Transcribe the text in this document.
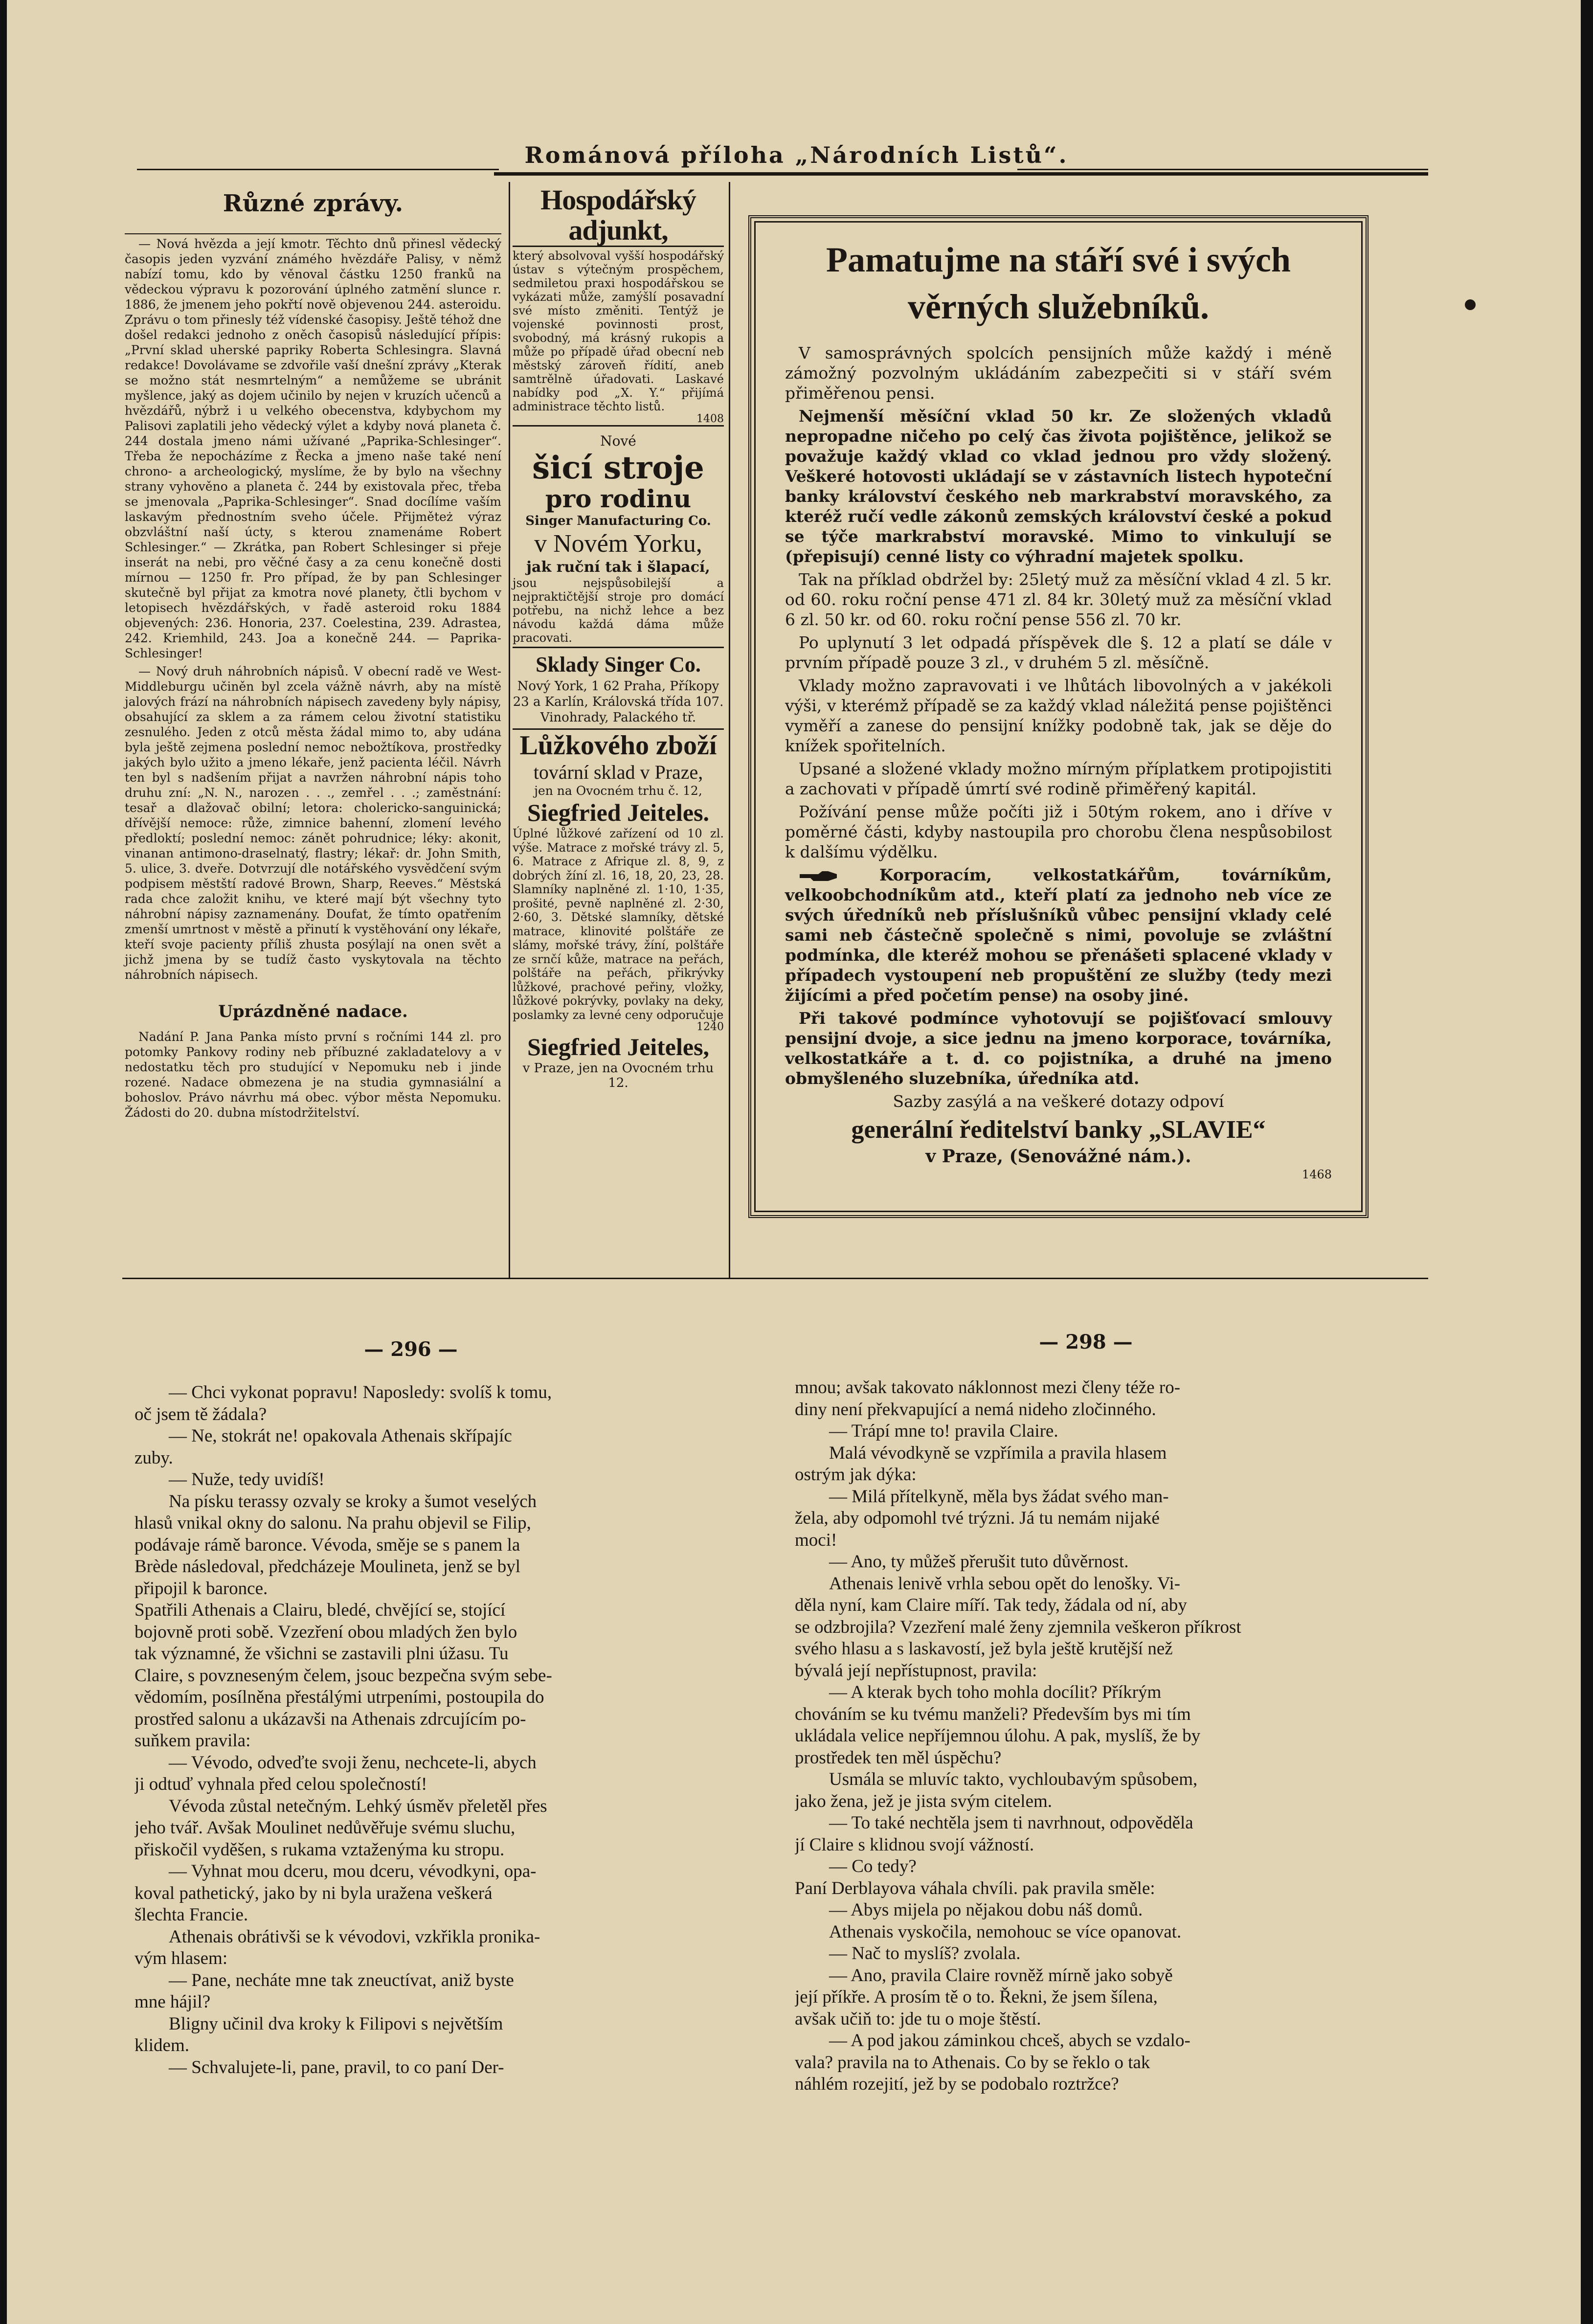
Románová příloha „Národních Listů“.
Různé zprávy.

— Nová hvězda a její kmotr. Těchto dnů přinesl vědecký časopis jeden vyzvání známého hvězdáře Palisy, v němž nabízí tomu, kdo by věnoval částku 1250 franků na vědeckou výpravu k pozorování úplného zatmění slunce r. 1886, že jmenem jeho pokřtí nově objevenou 244. asteroidu. Zprávu o tom přinesly též vídenské časopisy. Ještě téhož dne došel redakci jednoho z oněch časopisů následující přípis: „První sklad uherské papriky Roberta Schlesingra. Slavná redakce! Dovolávame se zdvořile vaší dnešní zprávy „Kterak se možno stát nesmrtelným“ a nemůžeme se ubránit myšlence, jaký as dojem učinilo by nejen v kruzích učenců a hvězdářů, nýbrž i u velkého obecenstva, kdybychom my Palisovi zaplatili jeho vědecký výlet a kdyby nová planeta č. 244 dostala jmeno námi užívané „Paprika-Schlesinger“. Třeba že nepocházíme z Řecka a jmeno naše také není chrono- a archeologický, myslíme, že by bylo na všechny strany vyhověno a planeta č. 244 by existovala přec, třeba se jmenovala „Paprika-Schlesinger“. Snad docílíme vaším laskavým přednostním sveho účele. Přijměteż výraz obzvláštní naší úcty, s kterou znamenáme Robert Schlesinger.“ — Zkrátka, pan Robert Schlesinger si přeje inserát na nebi, pro věčné časy a za cenu konečně dosti mírnou — 1250 fr. Pro případ, že by pan Schlesinger skutečně byl přijat za kmotra nové planety, čtli bychom v letopisech hvězdářských, v řadě asteroid roku 1884 objevených: 236. Honoria, 237. Coelestina, 239. Adrastea, 242. Kriemhild, 243. Joa a konečně 244. — Paprika-Schlesinger!

— Nový druh náhrobních nápisů. V obecní radě ve West-Middleburgu učiněn byl zcela vážně návrh, aby na místě jalových frází na náhrobních nápisech zavedeny byly nápisy, obsahující za sklem a za rámem celou životní statistiku zesnulého. Jeden z otců města žádal mimo to, aby udána byla ještě zejmena poslední nemoc nebožtíkova, prostředky jakých bylo užito a jmeno lékaře, jenž pacienta léčil. Návrh ten byl s nadšením přijat a navržen náhrobní nápis toho druhu zní: „N. N., narozen . . ., zemřel . . .; zaměstnání: tesař a dlažovač obilní; letora: cholericko-sanguinická; dřívější nemoce: růže, zimnice bahenní, zlomení levého předloktí; poslední nemoc: zánět pohrudnice; léky: akonit, vinanan antimono-draselnatý, flastry; lékař: dr. John Smith, 5. ulice, 3. dveře. Dotvrzují dle notářského vysvědčení svým podpisem městští radové Brown, Sharp, Reeves.“ Městská rada chce založit knihu, ve které mají být všechny tyto náhrobní nápisy zaznamenány. Doufat, že tímto opatřením zmenší umrtnost v městě a přinutí k vystěhování ony lékaře, kteří svoje pacienty příliš zhusta posýlají na onen svět a jichž jmena by se tudíž často vyskytovala na těchto náhrobních nápisech.

Uprázdněné nadace.

Nadání P. Jana Panka místo první s ročními 144 zl. pro potomky Pankovy rodiny neb příbuzné zakladatelovy a v nedostatku těch pro studující v Nepomuku neb i jinde rozené. Nadace obmezena je na studia gymnasiální a bohoslov. Právo návrhu má obec. výbor města Nepomuku. Žádosti do 20. dubna místodržitelství.

Hospodářský adjunkt,
který absolvoval vyšší hospodářský ústav s výtečným prospěchem, sedmiletou praxi hospodářskou se vykázati může, zamýšlí posavadní své místo změniti. Tentýž je vojenské povinnosti prost, svobodný, má krásný rukopis a může po případě úřad obecní neb městský zároveň řídití, aneb samtrělně úřadovati. Laskavé nabídky pod „X. Y.“ přijímá administrace těchto listů.
1408
Nové
šicí stroje
pro rodinu
Singer Manufacturing Co.
v Novém Yorku,
jak ruční tak i šlapací,
jsou nejspůsobilejší a nejpraktičtější stroje pro domácí potřebu, na nichž lehce a bez návodu každá dáma může pracovati.
Sklady Singer Co.
Nový York, 1 62 Praha, Příkopy 23 a Karlín, Královská třída 107. Vinohrady, Palackého tř.
Lůžkového zboží
tovární sklad v Praze,
jen na Ovocném trhu č. 12,
Siegfried Jeiteles.
Úplné lůžkové zařízení od 10 zl. výše. Matrace z mořské trávy zl. 5, 6. Matrace z Afrique zl. 8, 9, z dobrých žíní zl. 16, 18, 20, 23, 28. Slamníky naplněné zl. 1·10, 1·35, prošité, pevně naplněné zl. 2·30, 2·60, 3. Dětské slamníky, dětské matrace, klinovité polštáře ze slámy, mořské trávy, žíní, polštáře ze srnčí kůže, matrace na peřách, polštáře na peřách, přikrývky lůžkové, prachové peřiny, vložky, lůžkové pokrývky, povlaky na deky, poslamky za levné ceny odporučuje
1240
Siegfried Jeiteles,
v Praze, jen na Ovocném trhu 12.
Pamatujme na stáří své i svých věrných služebníků.

V samosprávných spolcích pensijních může každý i méně zámožný pozvolným ukládáním zabezpečiti si v stáří svém přiměřenou pensi.

Nejmenší měsíční vklad 50 kr. Ze složených vkladů nepropadne ničeho po celý čas života pojištěnce, jelikož se považuje každý vklad co vklad jednou pro vždy složený. Veškeré hotovosti ukládají se v zástavních listech hypoteční banky království českého neb markrabství moravského, za kteréž ručí vedle zákonů zemských království české a pokud se týče markrabství moravské. Mimo to vinkulují se (přepisují) cenné listy co výhradní majetek spolku.

Tak na příklad obdržel by: 25letý muž za měsíční vklad 4 zl. 5 kr. od 60. roku roční pense 471 zl. 84 kr. 30letý muž za měsíční vklad 6 zl. 50 kr. od 60. roku roční pense 556 zl. 70 kr.

Po uplynutí 3 let odpadá příspěvek dle §. 12 a platí se dále v prvním případě pouze 3 zl., v druhém 5 zl. měsíčně.

Vklady možno zapravovati i ve lhůtách libovolných a v jakékoli výši, v kterémž případě se za každý vklad náležitá pense pojištěnci vyměří a zanese do pensijní knížky podobně tak, jak se děje do knížek spořitelních.

Upsané a složené vklady možno mírným příplatkem protipojistiti a zachovati v případě úmrtí své rodině přiměřený kapitál.

Požívání pense může počíti již i 50tým rokem, ano i dříve v poměrné části, kdyby nastoupila pro chorobu člena nespůsobilost k dalšímu výdělku.

Korporacím, velkostatkářům, továrníkům, velkoobchodníkům atd., kteří platí za jednoho neb více ze svých úředníků neb příslušníků vůbec pensijní vklady celé sami neb částečně společně s nimi, povoluje se zvláštní podmínka, dle kteréž mohou se přenášeti splacené vklady v případech vystoupení neb propuštění ze služby (tedy mezi žijícími a před početím pense) na osoby jiné.

Při takové podmínce vyhotovují se pojišťovací smlouvy pensijní dvoje, a sice jednu na jmeno korporace, továrníka, velkostatkáře a t. d. co pojistníka, a druhé na jmeno obmyšleného sluzebníka, úředníka atd.

Sazby zasýlá a na veškeré dotazy odpoví

generální ředitelství banky „SLAVIE“
v Praze, (Senovážné nám.).
1468
— 296 —
— Chci vykonat popravu! Naposledy: svolíš k tomu,
oč jsem tě žádala?
— Ne, stokrát ne! opakovala Athenais skřípajíc
zuby.
— Nuže, tedy uvidíš!
Na písku terassy ozvaly se kroky a šumot veselých
hlasů vnikal okny do salonu. Na prahu objevil se Filip,
podávaje rámě baronce. Vévoda, směje se s panem la
Brède následoval, předcházeje Moulineta, jenž se byl
připojil k baronce.
Spatřili Athenais a Clairu, bledé, chvějící se, stojící
bojovně proti sobě. Vzezření obou mladých žen bylo
tak významné, že všichni se zastavili plni úžasu. Tu
Claire, s povzneseným čelem, jsouc bezpečna svým sebe-
vědomím, posílněna přestálými utrpeními, postoupila do
prostřed salonu a ukázavši na Athenais zdrcujícím po-
suňkem pravila:
— Vévodo, odveďte svoji ženu, nechcete-li, abych
ji odtuď vyhnala před celou společností!
Vévoda zůstal netečným. Lehký úsměv přeletěl přes
jeho tvář. Avšak Moulinet nedůvěřuje svému sluchu,
přiskočil vyděšen, s rukama vztaženýma ku stropu.
— Vyhnat mou dceru, mou dceru, vévodkyni, opa-
koval pathetický, jako by ni byla uražena veškerá
šlechta Francie.
Athenais obrátivši se k vévodovi, vzkřikla pronika-
vým hlasem:
— Pane, necháte mne tak zneuctívat, aniž byste
mne hájil?
Bligny učinil dva kroky k Filipovi s největším
klidem.
— Schvalujete-li, pane, pravil, to co paní Der-
— 298 —
mnou; avšak takovato náklonnost mezi členy téže ro-
diny není překvapující a nemá nideho zločinného.
— Trápí mne to! pravila Claire.
Malá vévodkyně se vzpřímila a pravila hlasem
ostrým jak dýka:
— Milá přítelkyně, měla bys žádat svého man-
žela, aby odpomohl tvé trýzni. Já tu nemám nijaké
moci!
— Ano, ty můžeš přerušit tuto důvěrnost.
Athenais lenivě vrhla sebou opět do lenošky. Vi-
děla nyní, kam Claire míří. Tak tedy, žádala od ní, aby
se odzbrojila? Vzezření malé ženy zjemnila veškeron příkrost
svého hlasu a s laskavostí, jež byla ještě krutější než
bývalá její nepřístupnost, pravila:
— A kterak bych toho mohla docílit? Příkrým
chováním se ku tvému manželi? Především bys mi tím
ukládala velice nepříjemnou úlohu. A pak, myslíš, že by
prostředek ten měl úspěchu?
Usmála se mluvíc takto, vychloubavým spůsobem,
jako žena, jež je jista svým citelem.
— To také nechtěla jsem ti navrhnout, odpověděla
jí Claire s klidnou svojí vážností.
— Co tedy?
Paní Derblayova váhala chvíli. pak pravila směle:
— Abys mijela po nějakou dobu náš domů.
Athenais vyskočila, nemohouc se více opanovat.
— Nač to myslíš? zvolala.
— Ano, pravila Claire rovněž mírně jako sobyě
její příkře. A prosím tě o to. Řekni, že jsem šílena,
avšak učiň to: jde tu o moje štěstí.
— A pod jakou záminkou chceš, abych se vzdalo-
vala? pravila na to Athenais. Co by se řeklo o tak
náhlém rozejití, jež by se podobalo roztržce?
